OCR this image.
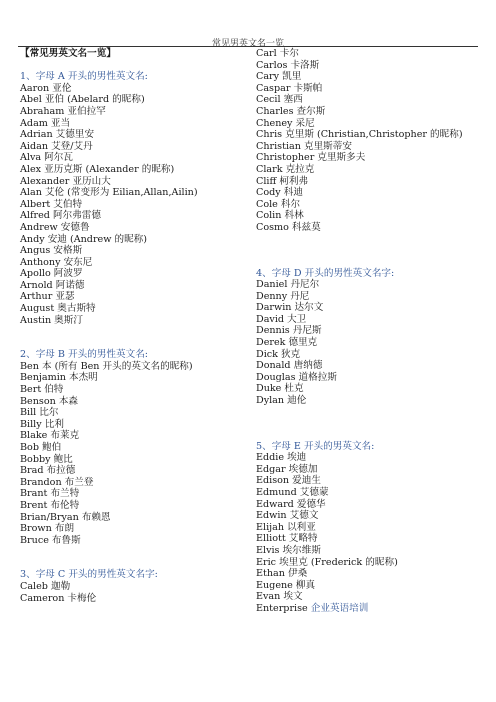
常见男英文名一览
【常见男英文名一览】
1、字母 A 开头的男性英文名:
Aaron 亚伦
Abel 亚伯 (Abelard 的昵称)
Abraham 亚伯拉罕
Adam 亚当
Adrian 艾德里安
Aidan 艾登/艾丹
Alva 阿尔瓦
Alex 亚历克斯 (Alexander 的昵称)
Alexander 亚历山大
Alan 艾伦 (常变形为 Eilian,Allan,Ailin)
Albert 艾伯特
Alfred 阿尔弗雷德
Andrew 安德鲁
Andy 安迪 (Andrew 的昵称)
Angus 安格斯
Anthony 安东尼
Apollo 阿波罗
Arnold 阿诺德
Arthur 亚瑟
August 奥古斯特
Austin 奥斯汀
2、字母 B 开头的男性英文名:
Ben 本 (所有 Ben 开头的英文名的昵称)
Benjamin 本杰明
Bert 伯特
Benson 本森
Bill 比尔
Billy 比利
Blake 布莱克
Bob 鲍伯
Bobby 鲍比
Brad 布拉德
Brandon 布兰登
Brant 布兰特
Brent 布伦特
Brian/Bryan 布赖恩
Brown 布朗
Bruce 布鲁斯
3、字母 C 开头的男性英文名字:
Caleb 迦勒
Cameron 卡梅伦
Carl 卡尔
Carlos 卡洛斯
Cary 凯里
Caspar 卡斯帕
Cecil 塞西
Charles 查尔斯
Cheney 采尼
Chris 克里斯 (Christian,Christopher 的昵称)
Christian 克里斯蒂安
Christopher 克里斯多夫
Clark 克拉克
Cliff 柯利弗
Cody 科迪
Cole 科尔
Colin 科林
Cosmo 科兹莫
4、字母 D 开头的男性英文名字:
Daniel 丹尼尔
Denny 丹尼
Darwin 达尔文
David 大卫
Dennis 丹尼斯
Derek 德里克
Dick 狄克
Donald 唐纳德
Douglas 道格拉斯
Duke 杜克
Dylan 迪伦
5、字母 E 开头的男英文名:
Eddie 埃迪
Edgar 埃德加
Edison 爱迪生
Edmund 艾德蒙
Edward 爱德华
Edwin 艾德文
Elijah 以利亚
Elliott 艾略特
Elvis 埃尔维斯
Eric 埃里克 (Frederick 的昵称)
Ethan 伊桑
Eugene 柳真
Evan 埃文
Enterprise 企业英语培训
